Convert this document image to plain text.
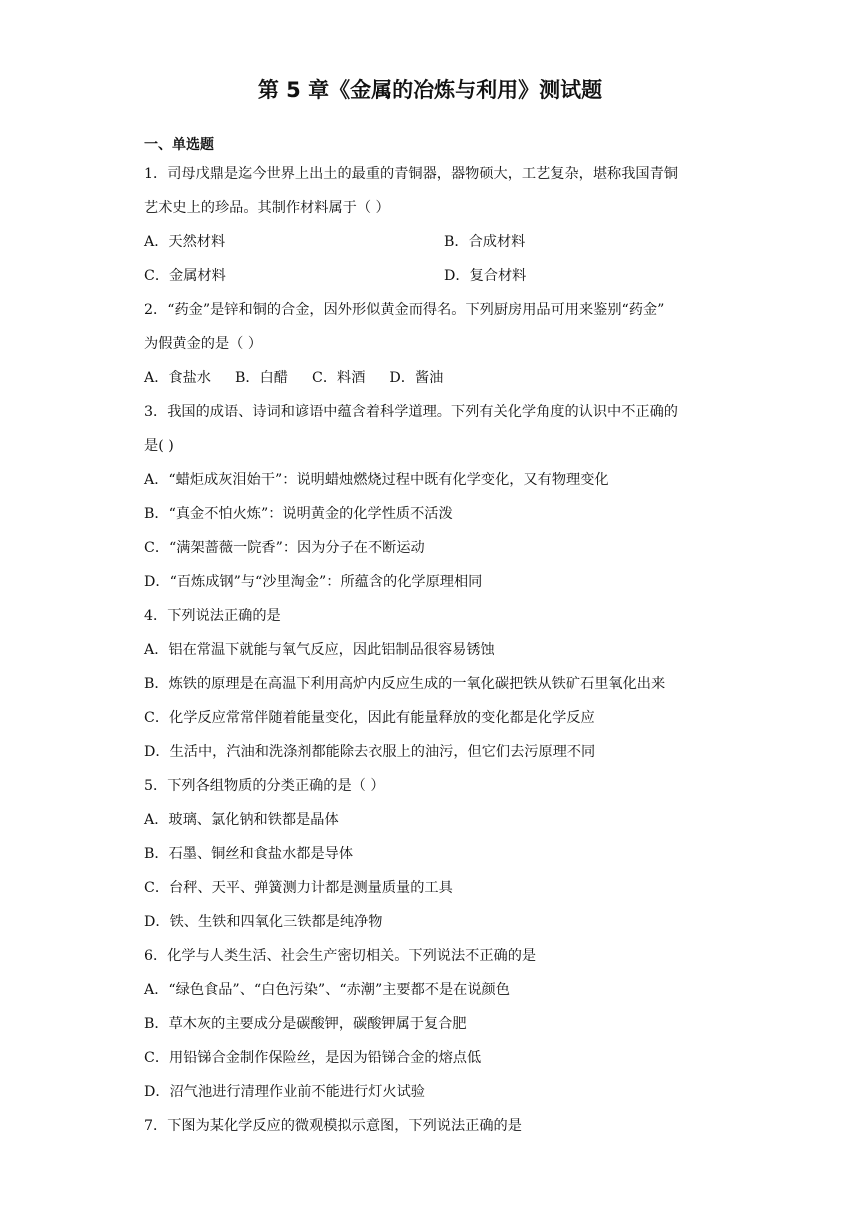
第 5 章《金属的冶炼与利用》测试题
一、单选题
1．司母戊鼎是迄今世界上出土的最重的青铜器，器物硕大，工艺复杂，堪称我国青铜
艺术史上的珍品。其制作材料属于（ ）
A．天然材料	B．合成材料
C．金属材料	D．复合材料
2．“药金”是锌和铜的合金，因外形似黄金而得名。下列厨房用品可用来鉴别“药金”
为假黄金的是（ ）
A．食盐水 B．白醋 C．料酒 D．酱油
3．我国的成语、诗词和谚语中蕴含着科学道理。下列有关化学角度的认识中不正确的
是( )
A．“蜡炬成灰泪始干”：说明蜡烛燃烧过程中既有化学变化，又有物理变化
B．“真金不怕火炼”：说明黄金的化学性质不活泼
C．“满架蔷薇一院香”：因为分子在不断运动
D．“百炼成钢”与“沙里淘金”：所蕴含的化学原理相同
4．下列说法正确的是
A．铝在常温下就能与氧气反应，因此铝制品很容易锈蚀
B．炼铁的原理是在高温下利用高炉内反应生成的一氧化碳把铁从铁矿石里氧化出来
C．化学反应常常伴随着能量变化，因此有能量释放的变化都是化学反应
D．生活中，汽油和洗涤剂都能除去衣服上的油污，但它们去污原理不同
5．下列各组物质的分类正确的是（ ）
A．玻璃、氯化钠和铁都是晶体
B．石墨、铜丝和食盐水都是导体
C．台秤、天平、弹簧测力计都是测量质量的工具
D．铁、生铁和四氧化三铁都是纯净物
6．化学与人类生活、社会生产密切相关。下列说法不正确的是
A．“绿色食品”、“白色污染”、“赤潮”主要都不是在说颜色
B．草木灰的主要成分是碳酸钾，碳酸钾属于复合肥
C．用铅锑合金制作保险丝，是因为铅锑合金的熔点低
D．沼气池进行清理作业前不能进行灯火试验
7．下图为某化学反应的微观模拟示意图，下列说法正确的是
